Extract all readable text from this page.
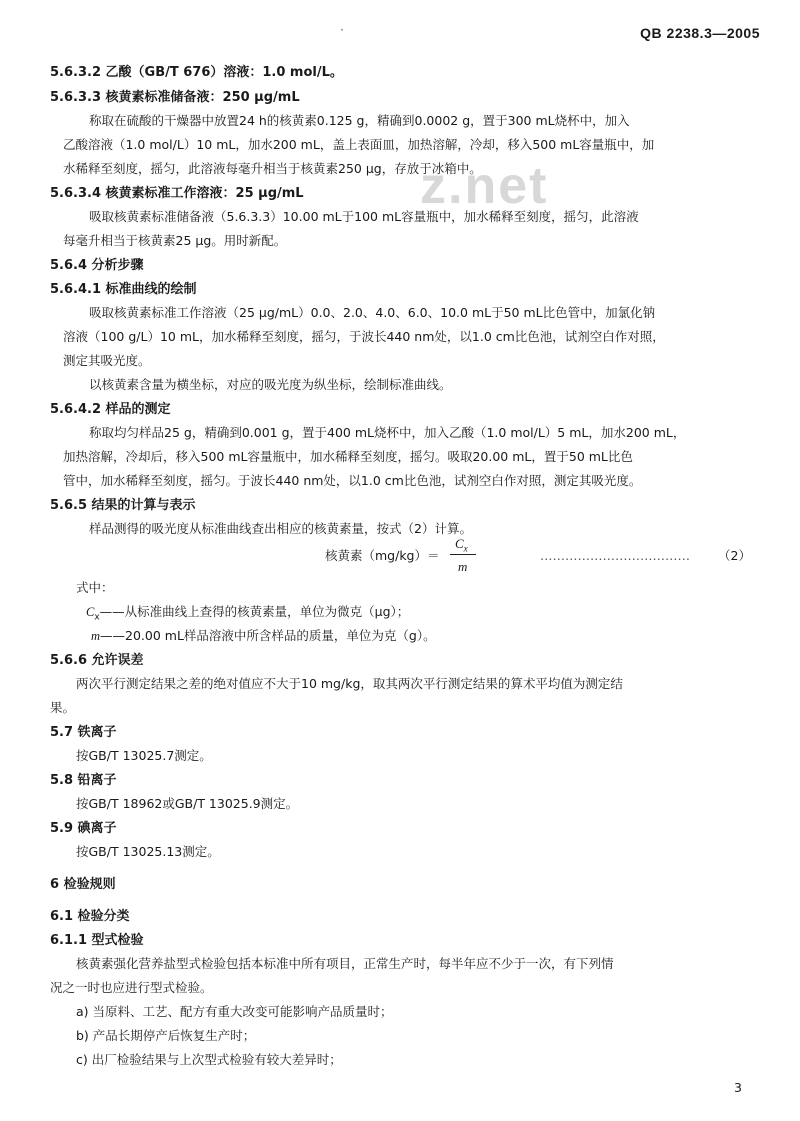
QB 2238.3—2005
·
z.net
5.6.3.2 乙酸（GB/T 676）溶液：1.0 mol/L。
5.6.3.3 核黄素标准储备液：250 μg/mL
称取在硫酸的干燥器中放置24 h的核黄素0.125 g，精确到0.0002 g，置于300 mL烧杯中，加入
乙酸溶液（1.0 mol/L）10 mL，加水200 mL，盖上表面皿，加热溶解，冷却，移入500 mL容量瓶中，加
水稀释至刻度，摇匀，此溶液每毫升相当于核黄素250 μg，存放于冰箱中。
5.6.3.4 核黄素标准工作溶液：25 μg/mL
吸取核黄素标准储备液（5.6.3.3）10.00 mL于100 mL容量瓶中，加水稀释至刻度，摇匀，此溶液
每毫升相当于核黄素25 μg。用时新配。
5.6.4 分析步骤
5.6.4.1 标准曲线的绘制
吸取核黄素标准工作溶液（25 μg/mL）0.0、2.0、4.0、6.0、10.0 mL于50 mL比色管中，加氯化钠
溶液（100 g/L）10 mL，加水稀释至刻度，摇匀，于波长440 nm处，以1.0 cm比色池，试剂空白作对照，
测定其吸光度。
以核黄素含量为横坐标，对应的吸光度为纵坐标，绘制标准曲线。
5.6.4.2 样品的测定
称取均匀样品25 g，精确到0.001 g，置于400 mL烧杯中，加入乙酸（1.0 mol/L）5 mL，加水200 mL，
加热溶解，冷却后，移入500 mL容量瓶中，加水稀释至刻度，摇匀。吸取20.00 mL，置于50 mL比色
管中，加水稀释至刻度，摇匀。于波长440 nm处，以1.0 cm比色池，试剂空白作对照，测定其吸光度。
5.6.5 结果的计算与表示
样品测得的吸光度从标准曲线查出相应的核黄素量，按式（2）计算。
核黄素（mg/kg）＝
$C_x$
m
……………………………… （2）
式中：
$C_x——$从标准曲线上查得的核黄素量，单位为微克（μg）；
m——20.00 mL样品溶液中所含样品的质量，单位为克（g）。
5.6.6 允许误差
两次平行测定结果之差的绝对值应不大于10 mg/kg，取其两次平行测定结果的算术平均值为测定结
果。
5.7 铁离子
按GB/T 13025.7测定。
5.8 铅离子
按GB/T 18962或GB/T 13025.9测定。
5.9 碘离子
按GB/T 13025.13测定。
6 检验规则
6.1 检验分类
6.1.1 型式检验
核黄素强化营养盐型式检验包括本标准中所有项目，正常生产时，每半年应不少于一次，有下列情
况之一时也应进行型式检验。
a) 当原料、工艺、配方有重大改变可能影响产品质量时；
b) 产品长期停产后恢复生产时；
c) 出厂检验结果与上次型式检验有较大差异时；
3
